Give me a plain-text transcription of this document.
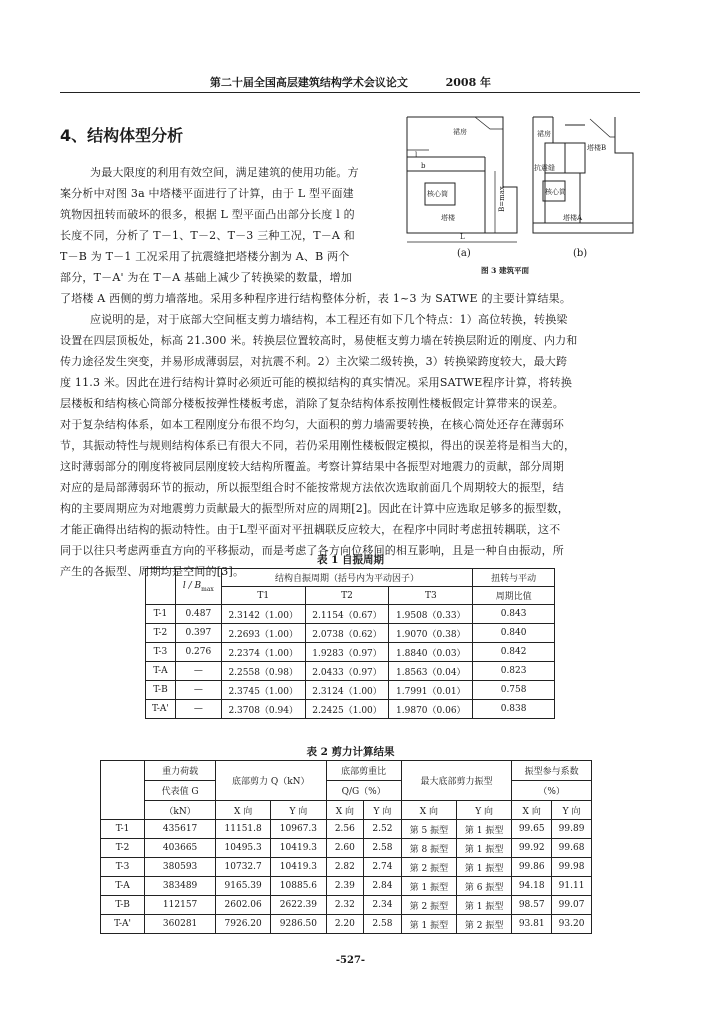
第二十届全国高层建筑结构学术会议论文	2008 年
4、结构体型分析
为最大限度的利用有效空间，满足建筑的使用功能。方
案分析中对图 3a 中塔楼平面进行了计算，由于 L 型平面建
筑物因扭转而破坏的很多，根据 L 型平面凸出部分长度 l 的
长度不同，分析了 T－1、T－2、T－3 三种工况，T－A 和
T－B 为 T－1 工况采用了抗震缝把塔楼分割为 A、B 两个
部分，T－A' 为在 T－A 基础上减少了转换梁的数量，增加
了塔楼 A 西侧的剪力墙落地。采用多种程序进行结构整体分析，表 1~3 为 SATWE 的主要计算结果。
裙房
核心筒
塔楼
L
l
b
B=max
裙房
塔楼B
抗震缝
核心筒
塔楼A
(a)	(b)
图 3 建筑平面
应说明的是，对于底部大空间框支剪力墙结构，本工程还有如下几个特点：1）高位转换，转换梁
设置在四层顶板处，标高 21.300 米。转换层位置较高时，易使框支剪力墙在转换层附近的刚度、内力和
传力途径发生突变，并易形成薄弱层，对抗震不利。2）主次梁二级转换，3）转换梁跨度较大，最大跨
度 11.3 米。因此在进行结构计算时必须近可能的模拟结构的真实情况。采用SATWE程序计算，将转换
层楼板和结构核心筒部分楼板按弹性楼板考虑，消除了复杂结构体系按刚性楼板假定计算带来的误差。
对于复杂结构体系，如本工程刚度分布很不均匀，大面积的剪力墙需要转换，在核心筒处还存在薄弱环
节，其振动特性与规则结构体系已有很大不同，若仍采用刚性楼板假定模拟，得出的误差将是相当大的，
这时薄弱部分的刚度将被同层刚度较大结构所覆盖。考察计算结果中各振型对地震力的贡献，部分周期
对应的是局部薄弱环节的振动，所以振型组合时不能按常规方法依次选取前面几个周期较大的振型，结
构的主要周期应为对地震剪力贡献最大的振型所对应的周期[2]。因此在计算中应选取足够多的振型数，
才能正确得出结构的振动特性。由于L型平面对平扭耦联反应较大，在程序中同时考虑扭转耦联，这不
同于以往只考虑两垂直方向的平移振动，而是考虑了各方向位移间的相互影响，且是一种自由振动，所
产生的各振型、周期均是空间的[3]。
表 1 自振周期
	l / $B_{max}$	结构自振周期（括号内为平动因子）			扭转与平动
		T1	T2	T3	周期比值
T-1	0.487	2.3142（1.00）	2.1154（0.67）	1.9508（0.33）	0.843
T-2	0.397	2.2693（1.00）	2.0738（0.62）	1.9070（0.38）	0.840
T-3	0.276	2.2374（1.00）	1.9283（0.97）	1.8840（0.03）	0.842
T-A	—	2.2558（0.98）	2.0433（0.97）	1.8563（0.04）	0.823
T-B	—	2.3745（1.00）	2.3124（1.00）	1.7991（0.01）	0.758
T-A'	—	2.3708（0.94）	2.2425（1.00）	1.9870（0.06）	0.838
表 2 剪力计算结果
	重力荷载	底部剪力 Q（kN）		底部剪重比		最大底部剪力振型		振型参与系数	
	代表值 G			Q/G（%）				（%）	
	（kN）	X 向	Y 向	X 向	Y 向	X 向	Y 向	X 向	Y 向
T-1	435617	11151.8	10967.3	2.56	2.52	第 5 振型	第 1 振型	99.65	99.89
T-2	403665	10495.3	10419.3	2.60	2.58	第 8 振型	第 1 振型	99.92	99.68
T-3	380593	10732.7	10419.3	2.82	2.74	第 2 振型	第 1 振型	99.86	99.98
T-A	383489	9165.39	10885.6	2.39	2.84	第 1 振型	第 6 振型	94.18	91.11
T-B	112157	2602.06	2622.39	2.32	2.34	第 2 振型	第 1 振型	98.57	99.07
T-A'	360281	7926.20	9286.50	2.20	2.58	第 1 振型	第 2 振型	93.81	93.20
-527-
